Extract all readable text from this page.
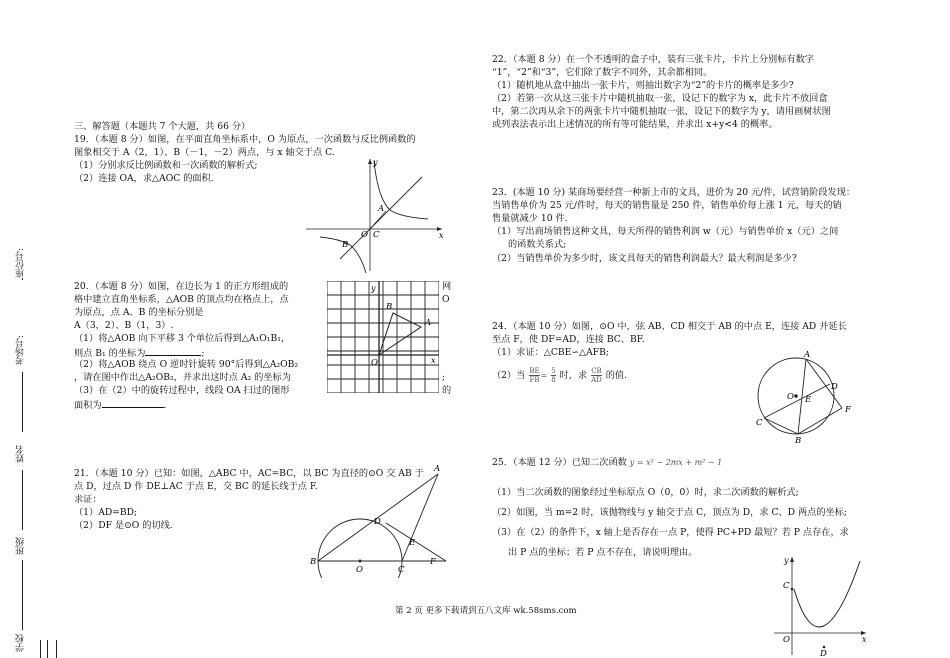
座位号:
考场号:
姓名
班级
学校
三、解答题（本题共 7 个大题，共 66 分）
19．（本题 8 分）如图，在平面直角坐标系中，O 为原点，一次函数与反比例函数的
图象相交于 A（2，1）、B（－1，－2）两点，与 x 轴交于点 C.
（1）分别求反比例函数和一次函数的解析式;
（2）连接 OA，求△AOC 的面积.
y
x
A
B
C
O
20．（本题 8 分）如图，在边长为 1 的正方形组成的
格中建立直角坐标系，△AOB 的顶点均在格点上，点
为原点，点 A、B 的坐标分别是
A（3，2）、B（1，3）.
（1）将△AOB 向下平移 3 个单位后得到△A₁O₁B₁，
则点 B₁ 的坐标为	;
（2）将△AOB 绕点 O 逆时针旋转 90°后得到△A₂OB₂
，请在图中作出△A₂OB₂，并求出这时点 A₂ 的坐标为
（3）在（2）中的旋转过程中，线段 OA 扫过的图形
面积为	.
网
O
;
的
y
x
A
B
O
21．（本题 10 分）已知：如图，△ABC 中，AC=BC，以 BC 为直径的⊙O 交 AB 于
点 D，过点 D 作 DE⊥AC 于点 E，交 BC 的延长线于点 F.
求证：
（1）AD=BD;
（2）DF 是⊙O 的切线.
A
B
C
D
E
F
O
22．（本题 8 分）在一个不透明的盒子中，装有三张卡片，卡片上分别标有数字
“1”，“2”和“3”，它们除了数字不同外，其余都相同。
（1）随机地从盒中抽出一张卡片，则抽出数字为“2”的卡片的概率是多少?
（2）若第一次从这三张卡片中随机抽取一张，设记下的数字为 x，此卡片不放回盒
中，第二次再从余下的两张卡片中随机抽取一张，设记下的数字为 y，请用画树状图
或列表法表示出上述情况的所有等可能结果，并求出 x+y<4 的概率。
23．(本题 10 分) 某商场要经营一种新上市的文具，进价为 20 元/件，试营销阶段发现：
当销售单价为 25 元/件时，每天的销售量是 250 件，销售单价每上涨 1 元，每天的销
售量就减少 10 件.
（1）写出商场销售这种文具，每天所得的销售利润 w（元）与销售单价 x（元）之间
的函数关系式;
（2）当销售单价为多少时，该文具每天的销售利润最大？最大利润是多少?
24．（本题 10 分）如图，⊙O 中，弦 AB、CD 相交于 AB 的中点 E，连接 AD 并延长
至点 F，使 DF=AD，连接 BC、BF.
（1）求证：△CBE∽△AFB;
（2）当 $\frac{BE}{FB} = \frac{5}{8}$ 时，求 $\frac{CB}{AD}$ 的值.
A
B
C
D
E
F
O
25．（本题 12 分）已知二次函数 y = x² − 2mx + m² − 1
（1）当二次函数的图象经过坐标原点 O（0，0）时，求二次函数的解析式;
（2）如图，当 m=2 时，该抛物线与 y 轴交于点 C，顶点为 D，求 C、D 两点的坐标;
（3）在（2）的条件下，x 轴上是否存在一点 P，使得 PC+PD 最短？若 P 点存在，求
出 P 点的坐标；若 P 点不存在，请说明理由。
y
x
C
D
O
第 2 页 更多下载请到五八文库 wk.58sms.com
